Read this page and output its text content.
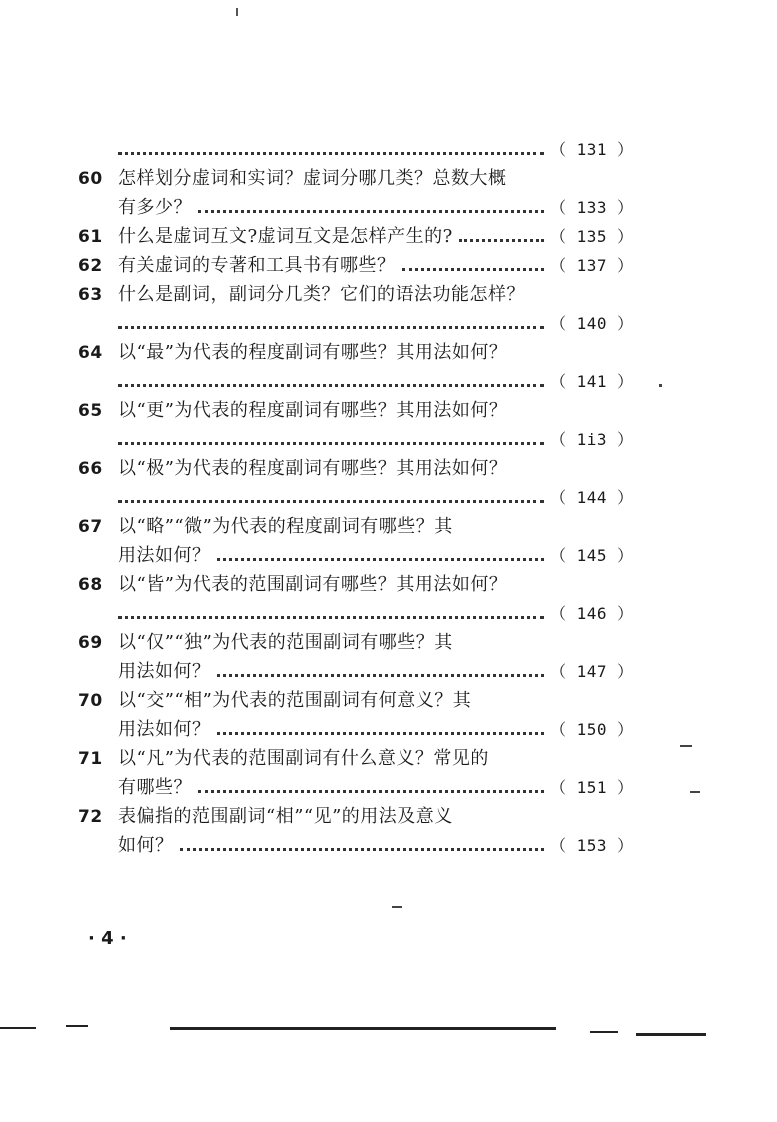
（ 131 ）
60 怎样划分虚词和实词？虚词分哪几类？总数大概
有多少？	（ 133 ）
61 什么是虚词互文?虚词互文是怎样产生的?	（ 135 ）
62 有关虚词的专著和工具书有哪些？	（ 137 ）
63 什么是副词，副词分几类？它们的语法功能怎样？
（ 140 ）
64 以“最”为代表的程度副词有哪些？其用法如何？
（ 141 ）
65 以“更”为代表的程度副词有哪些？其用法如何？
（ 1i3 ）
66 以“极”为代表的程度副词有哪些？其用法如何？
（ 144 ）
67 以“略”“微”为代表的程度副词有哪些？其
用法如何？	（ 145 ）
68 以“皆”为代表的范围副词有哪些？其用法如何？
（ 146 ）
69 以“仅”“独”为代表的范围副词有哪些？其
用法如何？	（ 147 ）
70 以“交”“相”为代表的范围副词有何意义？其
用法如何？	（ 150 ）
71 以“凡”为代表的范围副词有什么意义？常见的
有哪些？	（ 151 ）
72 表偏指的范围副词“相”“见”的用法及意义
如何？	（ 153 ）
· 4 ·
